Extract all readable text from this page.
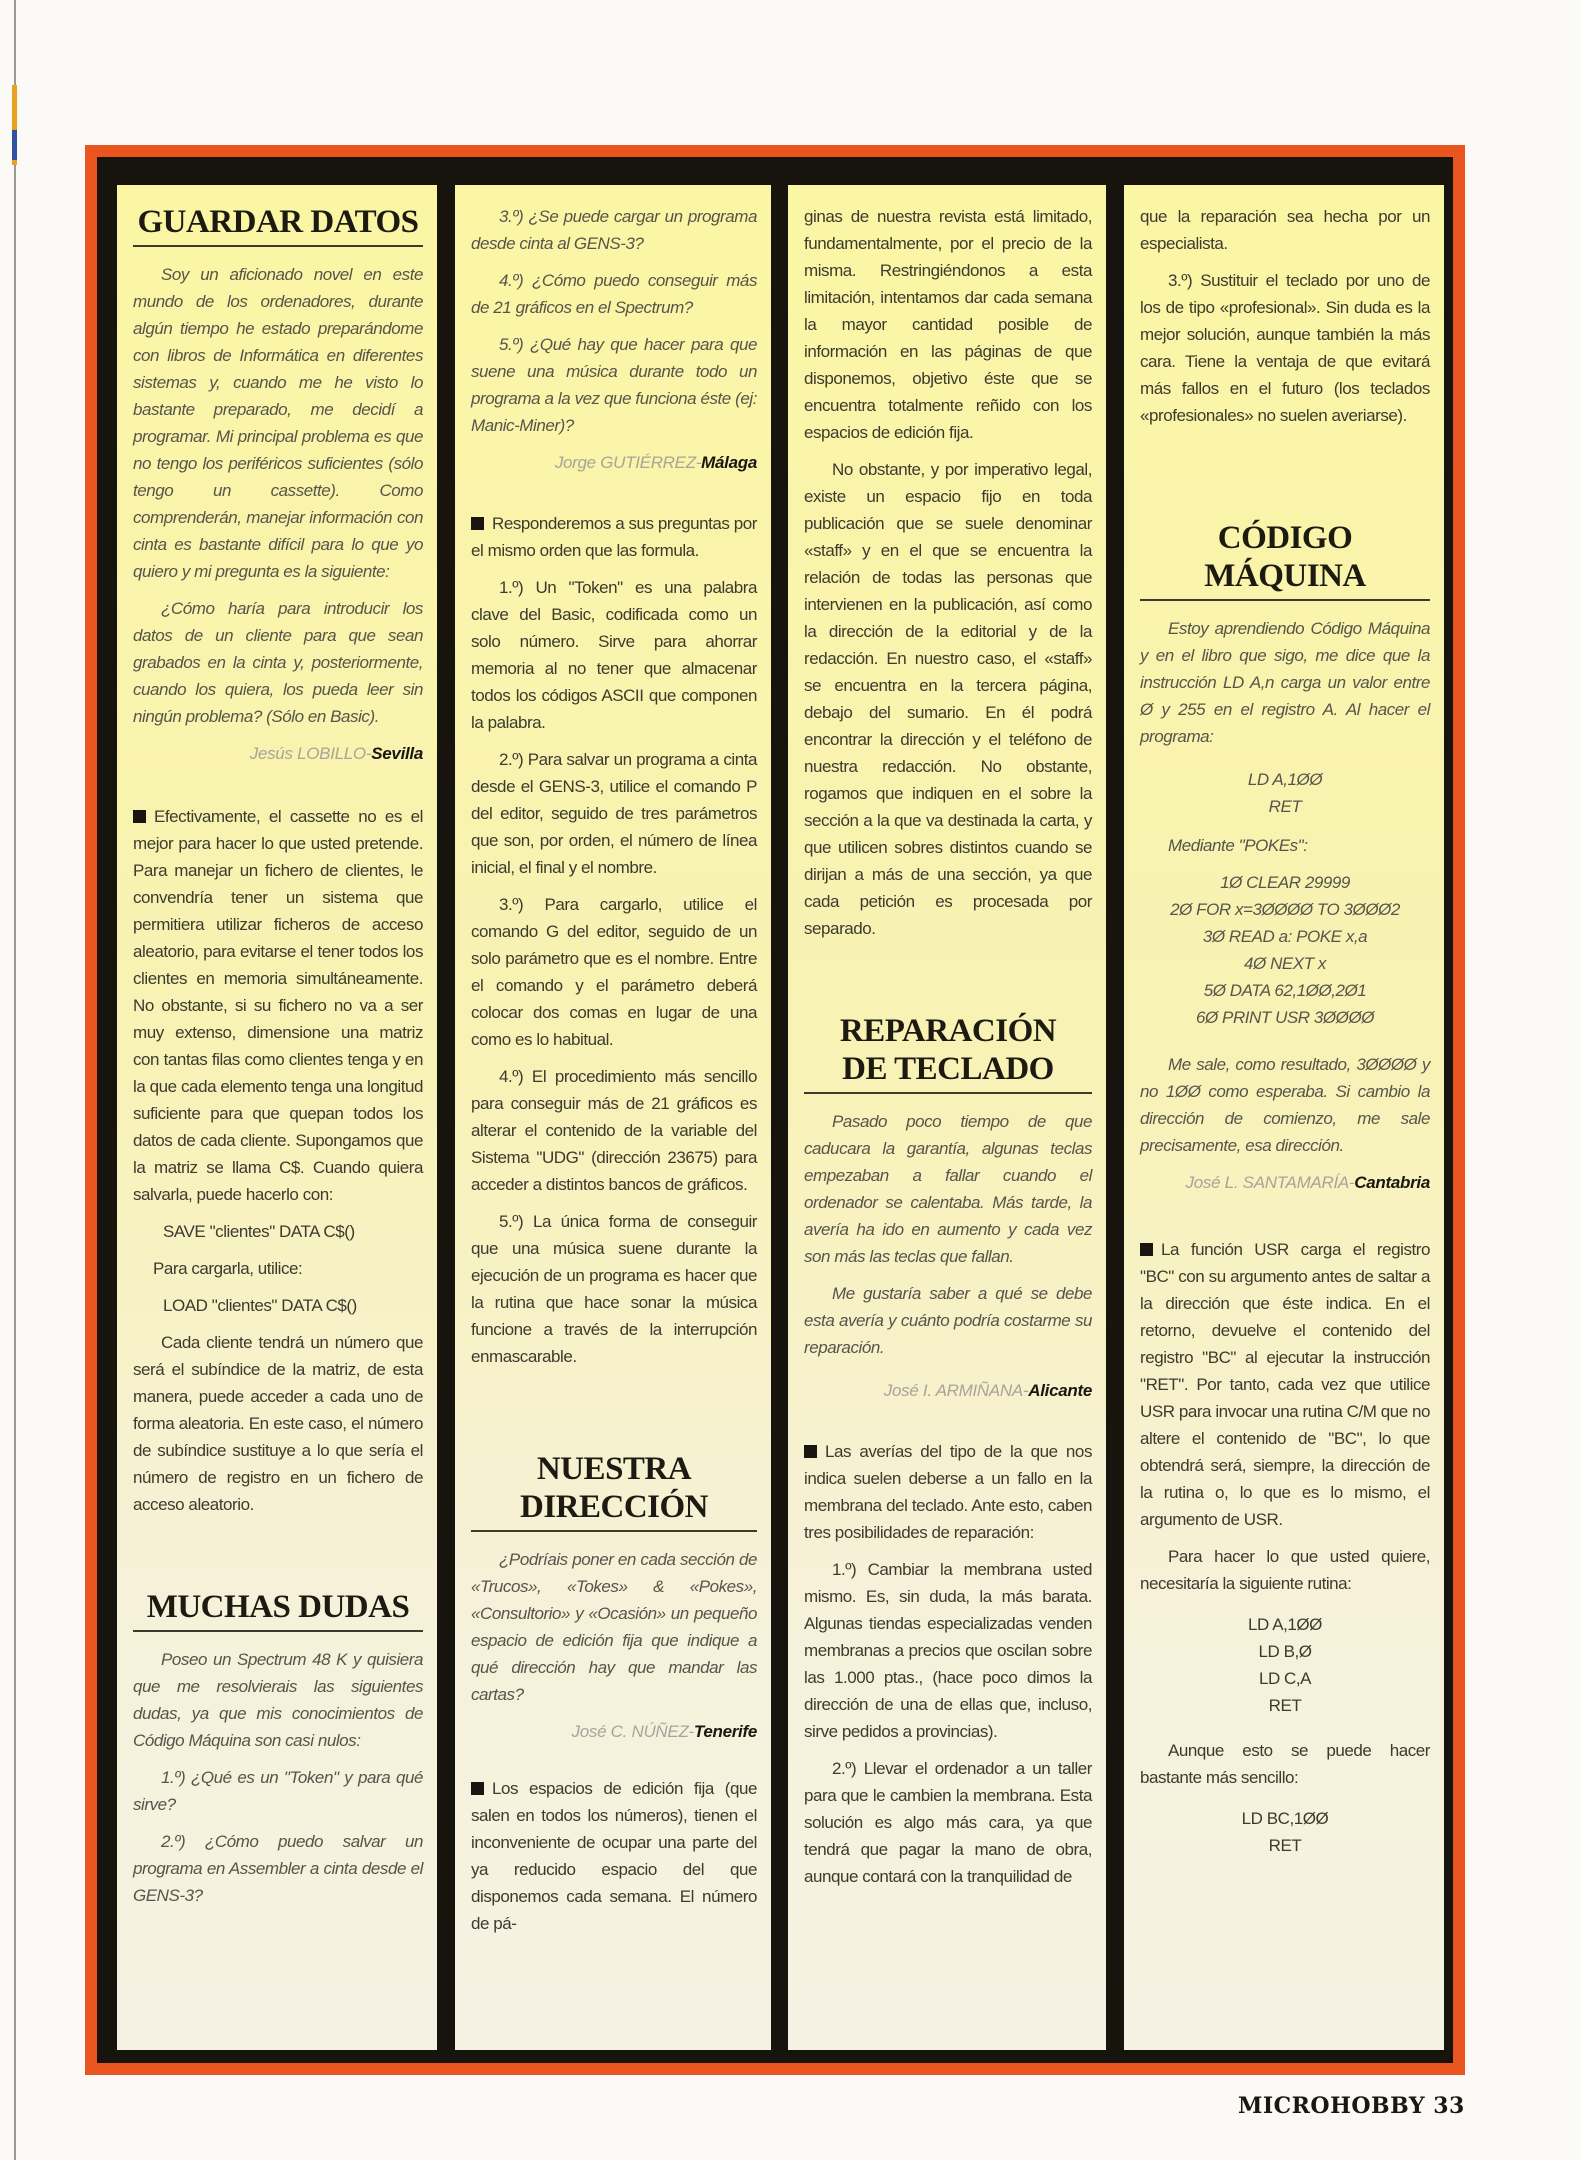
GUARDAR DATOS

Soy un aficionado novel en este mundo de los ordenadores, durante algún tiempo he estado preparándome con libros de Informática en diferentes sistemas y, cuando me he visto lo bastante preparado, me decidí a programar. Mi principal problema es que no tengo los periféricos suficientes (sólo tengo un cassette). Como comprenderán, manejar información con cinta es bastante difícil para lo que yo quiero y mi pregunta es la siguiente:

¿Cómo haría para introducir los datos de un cliente para que sean grabados en la cinta y, posteriormente, cuando los quiera, los pueda leer sin ningún problema? (Sólo en Basic).

Jesús LOBILLO-Sevilla

Efectivamente, el cassette no es el mejor para hacer lo que usted pretende. Para manejar un fichero de clientes, le convendría tener un sistema que permitiera utilizar ficheros de acceso aleatorio, para evitarse el tener todos los clientes en memoria simultáneamente. No obstante, si su fichero no va a ser muy extenso, dimensione una matriz con tantas filas como clientes tenga y en la que cada elemento tenga una longitud suficiente para que quepan todos los datos de cada cliente. Supongamos que la matriz se llama C$. Cuando quiera salvarla, puede hacerlo con:

SAVE "clientes" DATA C$()

Para cargarla, utilice:

LOAD "clientes" DATA C$()

Cada cliente tendrá un número que será el subíndice de la matriz, de esta manera, puede acceder a cada uno de forma aleatoria. En este caso, el número de subíndice sustituye a lo que sería el número de registro en un fichero de acceso aleatorio.

MUCHAS DUDAS

Poseo un Spectrum 48 K y quisiera que me resolvierais las siguientes dudas, ya que mis conocimientos de Código Máquina son casi nulos:

1.º) ¿Qué es un "Token" y para qué sirve?

2.º) ¿Cómo puedo salvar un programa en Assembler a cinta desde el GENS-3?

3.º) ¿Se puede cargar un programa desde cinta al GENS-3?

4.º) ¿Cómo puedo conseguir más de 21 gráficos en el Spectrum?

5.º) ¿Qué hay que hacer para que suene una música durante todo un programa a la vez que funciona éste (ej: Manic-Miner)?

Jorge GUTIÉRREZ-Málaga

Responderemos a sus preguntas por el mismo orden que las formula.

1.º) Un "Token" es una palabra clave del Basic, codificada como un solo número. Sirve para ahorrar memoria al no tener que almacenar todos los códigos ASCII que componen la palabra.

2.º) Para salvar un programa a cinta desde el GENS-3, utilice el comando P del editor, seguido de tres parámetros que son, por orden, el número de línea inicial, el final y el nombre.

3.º) Para cargarlo, utilice el comando G del editor, seguido de un solo parámetro que es el nombre. Entre el comando y el parámetro deberá colocar dos comas en lugar de una como es lo habitual.

4.º) El procedimiento más sencillo para conseguir más de 21 gráficos es alterar el contenido de la variable del Sistema "UDG" (dirección 23675) para acceder a distintos bancos de gráficos.

5.º) La única forma de conseguir que una música suene durante la ejecución de un programa es hacer que la rutina que hace sonar la música funcione a través de la interrupción enmascarable.

NUESTRA DIRECCIÓN

¿Podríais poner en cada sección de «Trucos», «Tokes» & «Pokes», «Consultorio» y «Ocasión» un pequeño espacio de edición fija que indique a qué dirección hay que mandar las cartas?

José C. NÚÑEZ-Tenerife

Los espacios de edición fija (que salen en todos los números), tienen el inconveniente de ocupar una parte del ya reducido espacio del que disponemos cada semana. El número de pá-

ginas de nuestra revista está limitado, fundamentalmente, por el precio de la misma. Restringiéndonos a esta limitación, intentamos dar cada semana la mayor cantidad posible de información en las páginas de que disponemos, objetivo éste que se encuentra totalmente reñido con los espacios de edición fija.

No obstante, y por imperativo legal, existe un espacio fijo en toda publicación que se suele denominar «staff» y en el que se encuentra la relación de todas las personas que intervienen en la publicación, así como la dirección de la editorial y de la redacción. En nuestro caso, el «staff» se encuentra en la tercera página, debajo del sumario. En él podrá encontrar la dirección y el teléfono de nuestra redacción. No obstante, rogamos que indiquen en el sobre la sección a la que va destinada la carta, y que utilicen sobres distintos cuando se dirijan a más de una sección, ya que cada petición es procesada por separado.

REPARACIÓN
DE TECLADO

Pasado poco tiempo de que caducara la garantía, algunas teclas empezaban a fallar cuando el ordenador se calentaba. Más tarde, la avería ha ido en aumento y cada vez son más las teclas que fallan.

Me gustaría saber a qué se debe esta avería y cuánto podría costarme su reparación.

José I. ARMIÑANA-Alicante

Las averías del tipo de la que nos indica suelen deberse a un fallo en la membrana del teclado. Ante esto, caben tres posibilidades de reparación:

1.º) Cambiar la membrana usted mismo. Es, sin duda, la más barata. Algunas tiendas especializadas venden membranas a precios que oscilan sobre las 1.000 ptas., (hace poco dimos la dirección de una de ellas que, incluso, sirve pedidos a provincias).

2.º) Llevar el ordenador a un taller para que le cambien la membrana. Esta solución es algo más cara, ya que tendrá que pagar la mano de obra, aunque contará con la tranquilidad de

que la reparación sea hecha por un especialista.

3.º) Sustituir el teclado por uno de los de tipo «profesional». Sin duda es la mejor solución, aunque también la más cara. Tiene la ventaja de que evitará más fallos en el futuro (los teclados «profesionales» no suelen averiarse).

CÓDIGO MÁQUINA

Estoy aprendiendo Código Máquina y en el libro que sigo, me dice que la instrucción LD A,n carga un valor entre Ø y 255 en el registro A. Al hacer el programa:

LD A,1ØØ

RET

Mediante "POKEs":

1Ø CLEAR 29999

2Ø FOR x=3ØØØØ TO 3ØØØ2

3Ø READ a: POKE x,a

4Ø NEXT x

5Ø DATA 62,1ØØ,2Ø1

6Ø PRINT USR 3ØØØØ

Me sale, como resultado, 3ØØØØ y no 1ØØ como esperaba. Si cambio la dirección de comienzo, me sale precisamente, esa dirección.

José L. SANTAMARÍA-Cantabria

La función USR carga el registro "BC" con su argumento antes de saltar a la dirección que éste indica. En el retorno, devuelve el contenido del registro "BC" al ejecutar la instrucción "RET". Por tanto, cada vez que utilice USR para invocar una rutina C/M que no altere el contenido de "BC", lo que obtendrá será, siempre, la dirección de la rutina o, lo que es lo mismo, el argumento de USR.

Para hacer lo que usted quiere, necesitaría la siguiente rutina:

LD A,1ØØ

LD B,Ø

LD C,A

RET

Aunque esto se puede hacer bastante más sencillo:

LD BC,1ØØ

RET

MICROHOBBY 33
